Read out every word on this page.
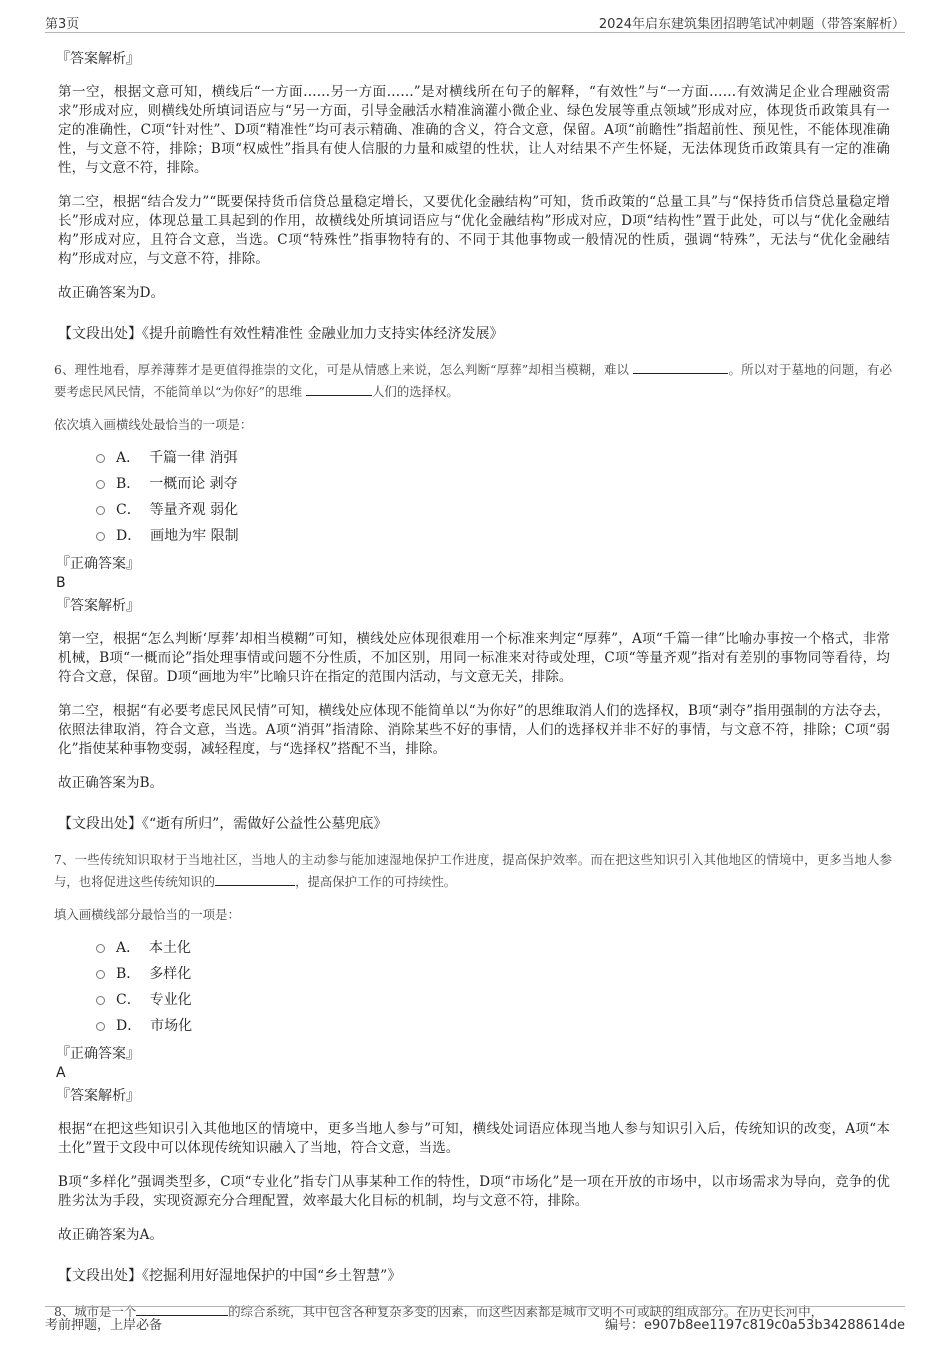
第3页	2024年启东建筑集团招聘笔试冲刺题（带答案解析）
『答案解析』

第一空，根据文意可知，横线后“一方面……另一方面……”是对横线所在句子的解释，“有效性”与“一方面……有效满足企业合理融资需求”形成对应，则横线处所填词语应与“另一方面，引导金融活水精准滴灌小微企业、绿色发展等重点领域”形成对应，体现货币政策具有一定的准确性，C项“针对性”、D项“精准性”均可表示精确、准确的含义，符合文意，保留。A项“前瞻性”指超前性、预见性，不能体现准确性，与文意不符，排除；B项“权威性”指具有使人信服的力量和威望的性状，让人对结果不产生怀疑，无法体现货币政策具有一定的准确性，与文意不符，排除。

第二空，根据“结合发力”“既要保持货币信贷总量稳定增长，又要优化金融结构”可知，货币政策的“总量工具”与“保持货币信贷总量稳定增长”形成对应，体现总量工具起到的作用，故横线处所填词语应与“优化金融结构”形成对应，D项“结构性”置于此处，可以与“优化金融结构”形成对应，且符合文意，当选。C项“特殊性”指事物特有的、不同于其他事物或一般情况的性质，强调“特殊”，无法与“优化金融结构”形成对应，与文意不符，排除。

故正确答案为D。

【文段出处】《提升前瞻性有效性精准性 金融业加力支持实体经济发展》

6、理性地看，厚养薄葬才是更值得推崇的文化，可是从情感上来说，怎么判断“厚葬”却相当模糊，难以	。所以对于墓地的问题，有必要考虑民风民情，不能简单以“为你好”的思维	人们的选择权。

依次填入画横线处最恰当的一项是：

A． 千篇一律 消弭
B． 一概而论 剥夺
C． 等量齐观 弱化
D． 画地为牢 限制
『正确答案』
B
『答案解析』

第一空，根据“怎么判断‘厚葬’却相当模糊”可知，横线处应体现很难用一个标准来判定“厚葬”，A项“千篇一律”比喻办事按一个格式，非常机械，B项“一概而论”指处理事情或问题不分性质，不加区别，用同一标准来对待或处理，C项“等量齐观”指对有差别的事物同等看待，均符合文意，保留。D项“画地为牢”比喻只许在指定的范围内活动，与文意无关，排除。

第二空，根据“有必要考虑民风民情”可知，横线处应体现不能简单以“为你好”的思维取消人们的选择权，B项“剥夺”指用强制的方法夺去，依照法律取消，符合文意，当选。A项“消弭”指清除、消除某些不好的事情，人们的选择权并非不好的事情，与文意不符，排除；C项“弱化”指使某种事物变弱，减轻程度，与“选择权”搭配不当，排除。

故正确答案为B。

【文段出处】《“逝有所归”，需做好公益性公墓兜底》

7、一些传统知识取材于当地社区，当地人的主动参与能加速湿地保护工作进度，提高保护效率。而在把这些知识引入其他地区的情境中，更多当地人参与，也将促进这些传统知识的	，提高保护工作的可持续性。

填入画横线部分最恰当的一项是：

A． 本土化
B． 多样化
C． 专业化
D． 市场化
『正确答案』
A
『答案解析』

根据“在把这些知识引入其他地区的情境中，更多当地人参与”可知，横线处词语应体现当地人参与知识引入后，传统知识的改变，A项“本土化”置于文段中可以体现传统知识融入了当地，符合文意，当选。

B项“多样化”强调类型多，C项“专业化”指专门从事某种工作的特性，D项“市场化”是一项在开放的市场中，以市场需求为导向，竞争的优胜劣汰为手段，实现资源充分合理配置，效率最大化目标的机制，均与文意不符，排除。

故正确答案为A。

【文段出处】《挖掘利用好湿地保护的中国“乡土智慧”》

8、城市是一个	的综合系统，其中包含各种复杂多变的因素，而这些因素都是城市文明不可或缺的组成部分。在历史长河中，

考前押题，上岸必备	编号：e907b8ee1197c819c0a53b34288614de
